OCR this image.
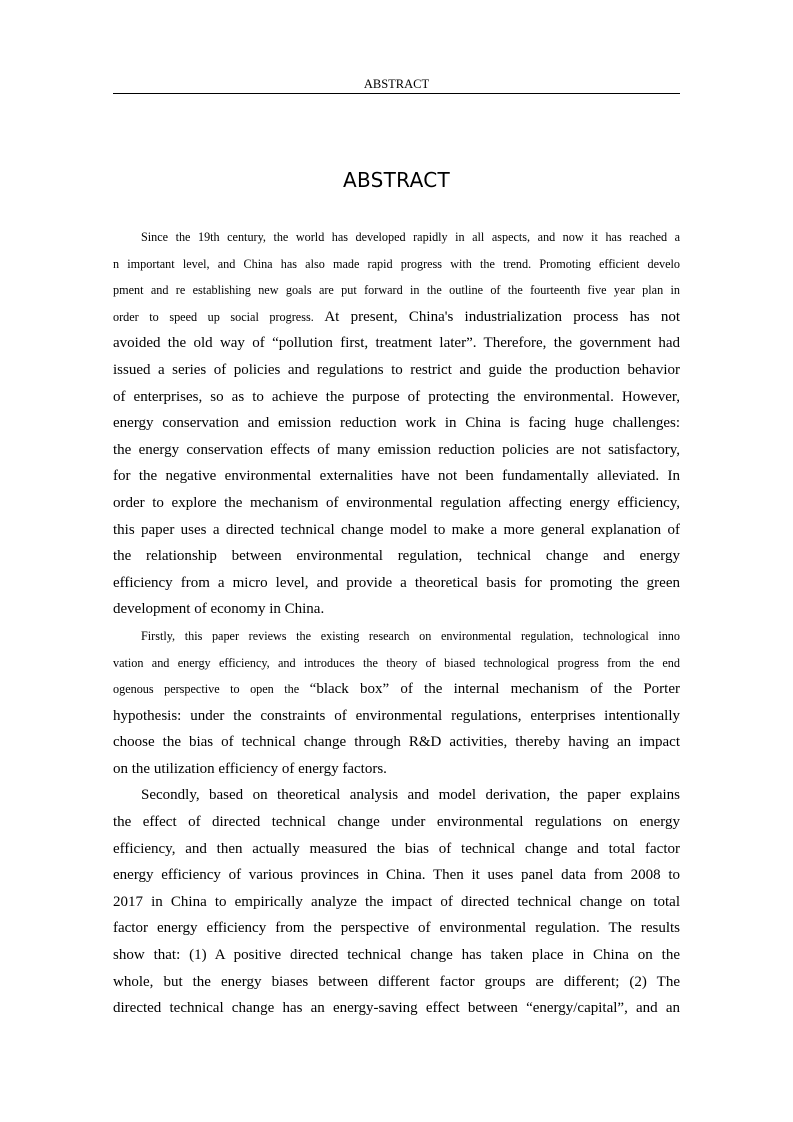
ABSTRACT
ABSTRACT

Since the 19th century, the world has developed rapidly in all aspects, and now it has reached a
n important level, and China has also made rapid progress with the trend. Promoting efficient develo
pment and re establishing new goals are put forward in the outline of the fourteenth five year plan in
order to speed up social progress. At present, China's industrialization process has not
avoided the old way of “pollution first, treatment later”. Therefore, the government had
issued a series of policies and regulations to restrict and guide the production behavior
of enterprises, so as to achieve the purpose of protecting the environmental. However,
energy conservation and emission reduction work in China is facing huge challenges:
the energy conservation effects of many emission reduction policies are not satisfactory,
for the negative environmental externalities have not been fundamentally alleviated. In
order to explore the mechanism of environmental regulation affecting energy efficiency,
this paper uses a directed technical change model to make a more general explanation of
the relationship between environmental regulation, technical change and energy
efficiency from a micro level, and provide a theoretical basis for promoting the green
development of economy in China.

Firstly, this paper reviews the existing research on environmental regulation, technological inno
vation and energy efficiency, and introduces the theory of biased technological progress from the end
ogenous perspective to open the “black box” of the internal mechanism of the Porter
hypothesis: under the constraints of environmental regulations, enterprises intentionally
choose the bias of technical change through R&D activities, thereby having an impact
on the utilization efficiency of energy factors.

Secondly, based on theoretical analysis and model derivation, the paper explains
the effect of directed technical change under environmental regulations on energy
efficiency, and then actually measured the bias of technical change and total factor
energy efficiency of various provinces in China. Then it uses panel data from 2008 to
2017 in China to empirically analyze the impact of directed technical change on total
factor energy efficiency from the perspective of environmental regulation. The results
show that: (1) A positive directed technical change has taken place in China on the
whole, but the energy biases between different factor groups are different; (2) The
directed technical change has an energy-saving effect between “energy/capital”, and an
